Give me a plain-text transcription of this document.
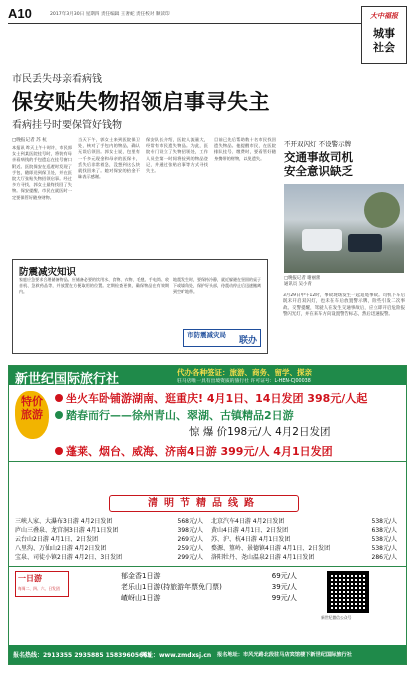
A10	2017年3月30日 星期四 责任编辑 王奢蛇 责任校对 顺读印	大中福报
城事
社会
市民丢失母亲看病钱
保安贴失物招领启事寻失主
看病挂号时要保管好钱物
□晚报记者 苏 杭
本报讯 昨天上午十时许，市民郭女士到某医院挂号时，将装有母亲看病钱的手包遗忘在挂号窗口附近。医院保安在巡逻时发现了手包，随即送到保卫处，并在医院大厅张贴失物招领启事。经过多方寻找，郭女士最终找回了失物。保安提醒，市民在就医时一定要保管好随身财物。
当天下午，郭女士来到医院保卫处，核对了手包内的物品，确认无误后领回。郭女士说，包里有一千多元现金和母亲的医保卡，丢失后非常着急，没想到这么快就找回来了。她对保安的拾金不昧表示感谢。
保安队长介绍，医院人流量大，经常有市民遗失物品。为此，医院专门设立了失物招领处，工作人员会第一时间将捡到的物品登记，并通过张贴启事等方式寻找失主。
目前已先后帮助数十名市民找回遗失物品。他提醒市民，在医院排队挂号、缴费时，要看管好随身携带的财物，以免遗失。
不开双闪灯 不设警示牌
交通事故司机
安全意识缺乏
□晚报记者 谢丽蕾
通讯员 吴小青
3月29日中午12时，事故现场发生一起追尾事故。司机下车后既未开启双闪灯，也未在车后放置警示牌，险些引发二次事故。交警提醒，驾驶人在发生交通事故后，应立即开启危险报警闪光灯，并在来车方向设置警告标志，然后迅速报警。
防震减灾知识
家庭应急要求合理储备物品。应储备必要的饮用水、食物、衣物、毛毯、手电筒、收音机、急救药品等，并放置在方便取用的位置。定期检查更换，确保物品在有效期内。
地震发生时，要保持冷静，就近躲避在坚固的桌子下或墙角处，保护好头部，待震动停止后迅速撤离到空旷地带。
市防震减灾局
联办
新世纪国际旅行社	代办各种签证：旅游、商务、留学、探亲
驻马店唯一具有出境资质的旅行社 许可证号：L-HEN-CJ00038
特价旅游
坐火车卧铺游湖南、逛重庆! 4月1日、14日发团 398元/人起
踏春而行——徐州青山、翠湖、古镇精品2日游
惊 爆 价198元/人 4月2日发团
蓬莱、烟台、威海、济南4日游 399元/人 4月1日发团
清明节精品线路
三峡人家、大瀑布3日游 4月2日发团	568元/人
庐山三叠泉、龙宫洞3日游 4月1日发团	398元/人
云台山2日游 4月1日、2日发团	269元/人
八里沟、万仙山2日游 4月2日发团	259元/人
宝泉、司徒小镇2日游 4月2日、3日发团	299元/人
北京汽车4日游 4月2日发团	538元/人
黄山4日游 4月1日、2日发团	638元/人
苏、沪、杭4日游 4月1日发团	538元/人
婺源、篁岭、景德镇4日游 4月1日、2日发团	538元/人
洛阳牡丹、尧山温泉2日游 4月1日发团	286元/人
一日游
每周二、四、六、日发团
郁金香1日游	69元/人
老乐山1日游(持旅游年票免门票)	39元/人
嵖岈山1日游	99元/人
新世纪微信公众号
报名热线：2913355 2935885 15839605665
网址：www.zmdxsj.cn 报名地址：市风光路北段驻马店宾馆楼下新世纪国际旅行社
